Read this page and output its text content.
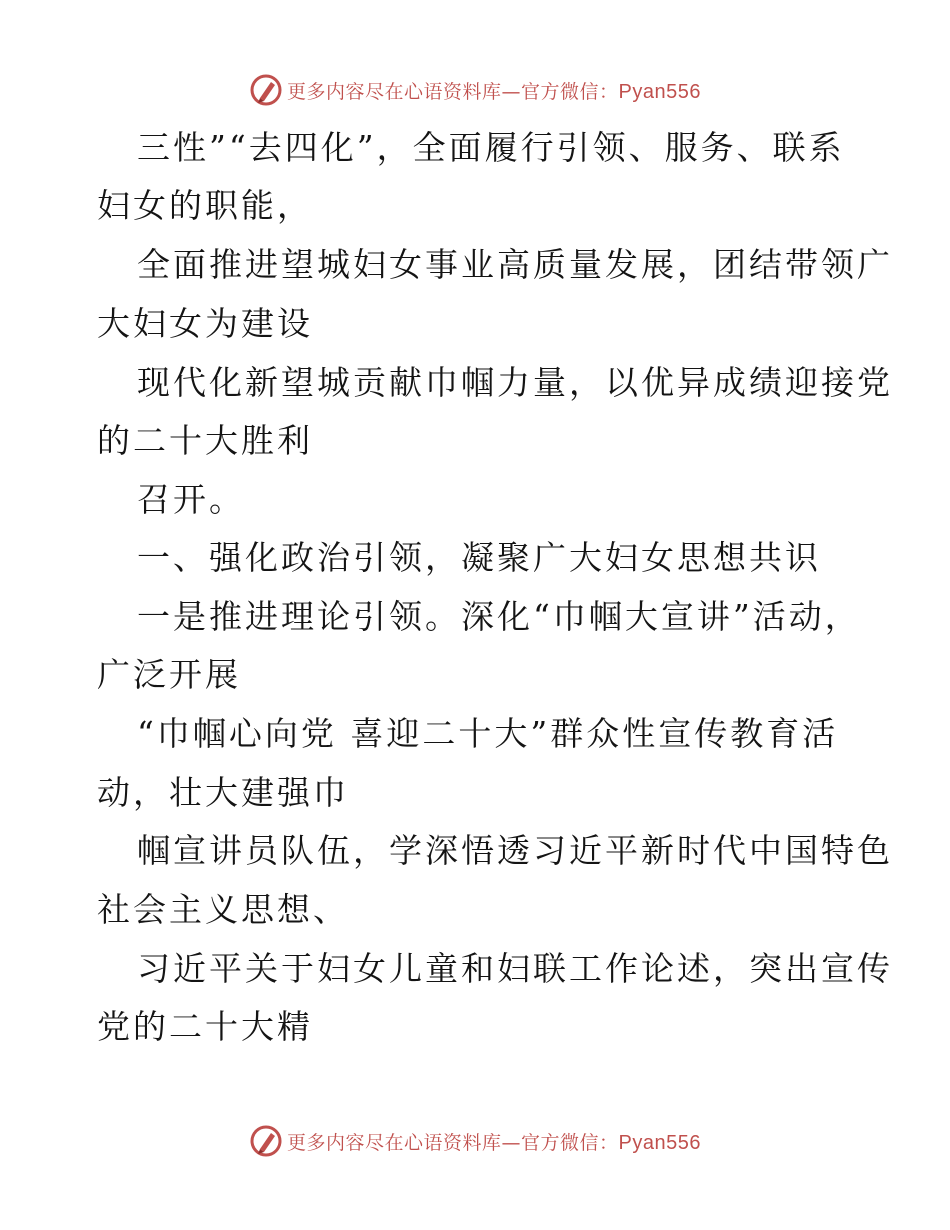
更多内容尽在心语资料库—官方微信：Pyan556
三性”“去四化”，全面履行引领、服务、联系
妇女的职能，
全面推进望城妇女事业高质量发展，团结带领广
大妇女为建设
现代化新望城贡献巾帼力量，以优异成绩迎接党
的二十大胜利
召开。
一、强化政治引领，凝聚广大妇女思想共识
一是推进理论引领。深化“巾帼大宣讲”活动，
广泛开展
“巾帼心向党 喜迎二十大”群众性宣传教育活
动，壮大建强巾
帼宣讲员队伍，学深悟透习近平新时代中国特色
社会主义思想、
习近平关于妇女儿童和妇联工作论述，突出宣传
党的二十大精
更多内容尽在心语资料库—官方微信：Pyan556
